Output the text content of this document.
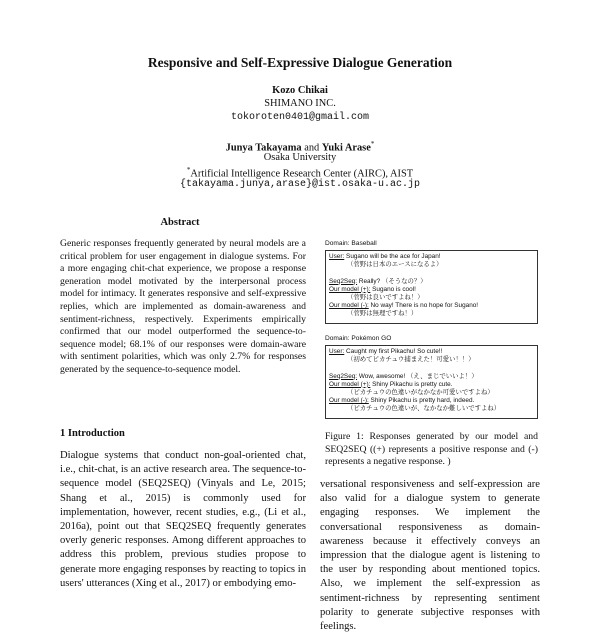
Responsive and Self-Expressive Dialogue Generation
Kozo Chikai
SHIMANO INC.
tokoroten0401@gmail.com
Junya Takayama and Yuki Arase*
Osaka University
*Artificial Intelligence Research Center (AIRC), AIST
{takayama.junya,arase}@ist.osaka-u.ac.jp
Abstract
Generic responses frequently generated by neural models are a critical problem for user engagement in dialogue systems. For a more engaging chit-chat experience, we propose a response generation model motivated by the interpersonal process model for intimacy. It generates responsive and self-expressive replies, which are implemented as domain-awareness and sentiment-richness, respectively. Experiments empirically confirmed that our model outperformed the sequence-to-sequence model; 68.1% of our responses were domain-aware with sentiment polarities, which was only 2.7% for responses generated by the sequence-to-sequence model.
Domain: Baseball
User: Sugano will be the ace for Japan!
（菅野は日本のエースになるよ）
Seq2Seq: Really? （そうなの？）
Our model (+): Sugano is cool!
（菅野は良いですよね！）
Our model (-): No way! There is no hope for Sugano!
（菅野は無理ですね！）
Domain: Pokémon GO
User: Caught my first Pikachu! So cute!!
（初めてピカチュウ捕まえた！可愛い！！）
Seq2Seq: Wow, awesome! （え、まじでいいよ！）
Our model (+): Shiny Pikachu is pretty cute.
（ピカチュウの色違いがなかなか可愛いですよね）
Our model (-): Shiny Pikachu is pretty hard, indeed.
（ピカチュウの色違いが、なかなか難しいですよね）
Figure 1: Responses generated by our model and SEQ2SEQ ((+) represents a positive response and (-) represents a negative response. )
1 Introduction
Dialogue systems that conduct non-goal-oriented chat, i.e., chit-chat, is an active research area. The sequence-to-sequence model (SEQ2SEQ) (Vinyals and Le, 2015; Shang et al., 2015) is commonly used for implementation, however, recent studies, e.g., (Li et al., 2016a), point out that SEQ2SEQ frequently generates overly generic responses. Among different approaches to address this problem, previous studies propose to generate more engaging responses by reacting to topics in users' utterances (Xing et al., 2017) or embodying emo-
versational responsiveness and self-expression are also valid for a dialogue system to generate engaging responses. We implement the conversational responsiveness as domain-awareness because it effectively conveys an impression that the dialogue agent is listening to the user by responding about mentioned topics. Also, we implement the self-expression as sentiment-richness by representing sentiment polarity to generate subjective responses with feelings.
